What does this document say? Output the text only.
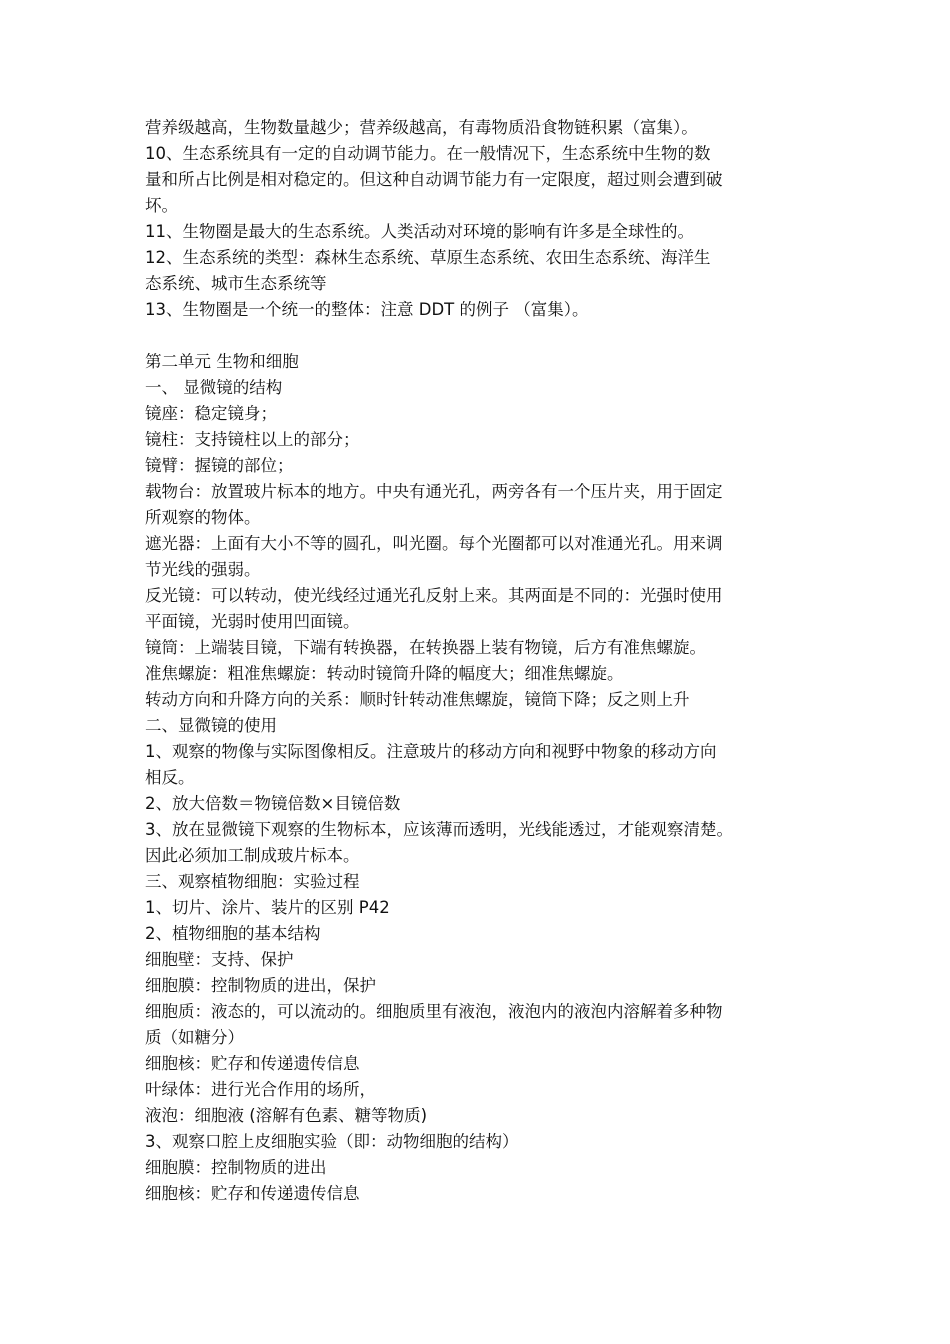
营养级越高，生物数量越少；营养级越高，有毒物质沿食物链积累（富集）。
10、生态系统具有一定的自动调节能力。在一般情况下，生态系统中生物的数
量和所占比例是相对稳定的。但这种自动调节能力有一定限度，超过则会遭到破
坏。
11、生物圈是最大的生态系统。人类活动对环境的影响有许多是全球性的。
12、生态系统的类型：森林生态系统、草原生态系统、农田生态系统、海洋生
态系统、城市生态系统等
13、生物圈是一个统一的整体：注意 DDT 的例子 （富集）。
第二单元 生物和细胞
一、 显微镜的结构
镜座：稳定镜身；
镜柱：支持镜柱以上的部分；
镜臂：握镜的部位；
载物台：放置玻片标本的地方。中央有通光孔，两旁各有一个压片夹，用于固定
所观察的物体。
遮光器：上面有大小不等的圆孔，叫光圈。每个光圈都可以对准通光孔。用来调
节光线的强弱。
反光镜：可以转动，使光线经过通光孔反射上来。其两面是不同的：光强时使用
平面镜，光弱时使用凹面镜。
镜筒：上端装目镜，下端有转换器，在转换器上装有物镜，后方有准焦螺旋。
准焦螺旋：粗准焦螺旋：转动时镜筒升降的幅度大；细准焦螺旋。
转动方向和升降方向的关系：顺时针转动准焦螺旋，镜筒下降；反之则上升
二、显微镜的使用
1、观察的物像与实际图像相反。注意玻片的移动方向和视野中物象的移动方向
相反。
2、放大倍数＝物镜倍数×目镜倍数
3、放在显微镜下观察的生物标本，应该薄而透明，光线能透过，才能观察清楚。
因此必须加工制成玻片标本。
三、观察植物细胞：实验过程
1、切片、涂片、装片的区别 P42
2、植物细胞的基本结构
细胞壁：支持、保护
细胞膜：控制物质的进出，保护
细胞质：液态的，可以流动的。细胞质里有液泡，液泡内的液泡内溶解着多种物
质（如糖分）
细胞核：贮存和传递遗传信息
叶绿体：进行光合作用的场所，
液泡：细胞液 (溶解有色素、糖等物质)
3、观察口腔上皮细胞实验（即：动物细胞的结构）
细胞膜：控制物质的进出
细胞核：贮存和传递遗传信息
